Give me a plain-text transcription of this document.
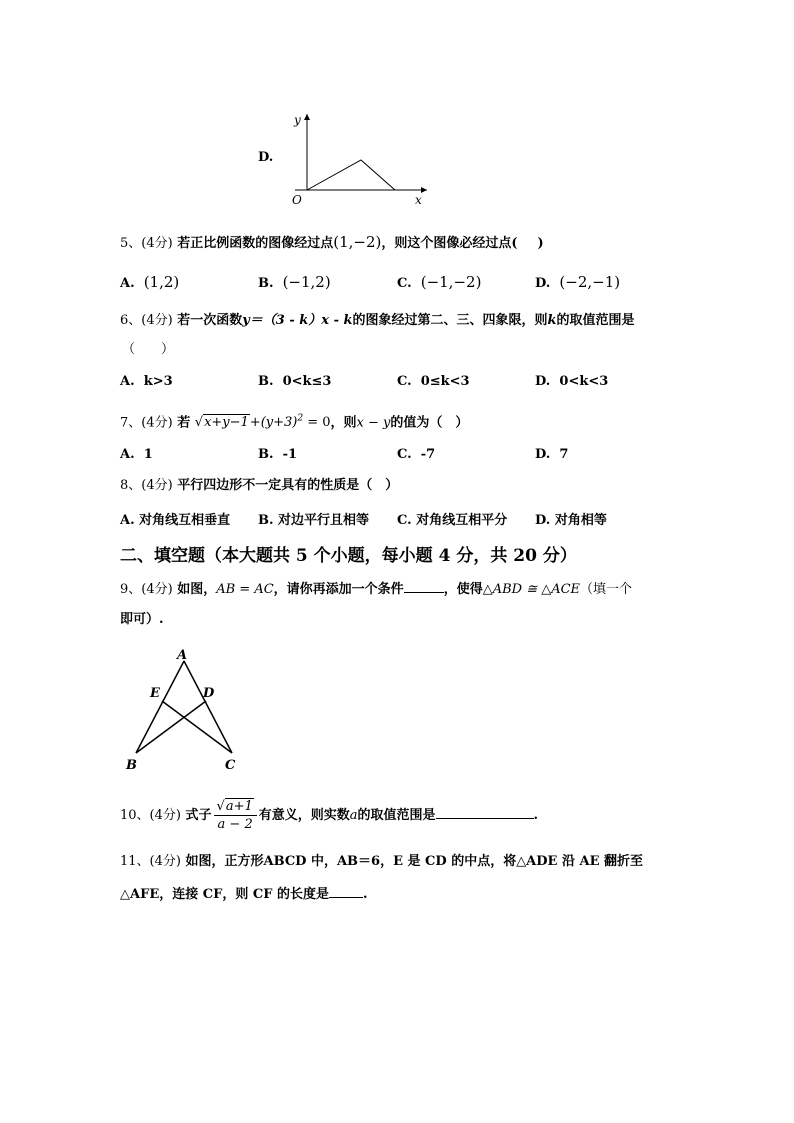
D.
y
x
O
5、(4分) 若正比例函数的图像经过点(1,−2)，则这个图像必经过点( )
A. (1,2)	B. (−1,2)	C. (−1,−2)	D. (−2,−1)
6、(4分) 若一次函数y＝（3 - k）x - k的图象经过第二、三、四象限，则k的取值范围是
（　　）
A. k>3	B. 0<k≤3	C. 0≤k<3	D. 0<k<3
7、(4分) 若 $√x+y-1+(y+3)^2 = 0$，则x − y的值为（　）
A. 1	B. -1	C. -7	D. 7
8、(4分) 平行四边形不一定具有的性质是（　）
A. 对角线互相垂直 B. 对边平行且相等 C. 对角线互相平分 D. 对角相等
二、填空题（本大题共 5 个小题，每小题 4 分，共 20 分）
9、(4分) 如图，AB = AC，请你再添加一个条件	，使得△ABD ≅ △ACE（填一个
即可）.
A
E	D
B	C
10、(4分) 式子 $\frac{√a+1}{a - 2}$ 有意义，则实数a的取值范围是	.
11、(4分) 如图，正方形ABCD 中，AB＝6，E 是 CD 的中点，将△ADE 沿 AE 翻折至
△AFE，连接 CF，则 CF 的长度是	.
